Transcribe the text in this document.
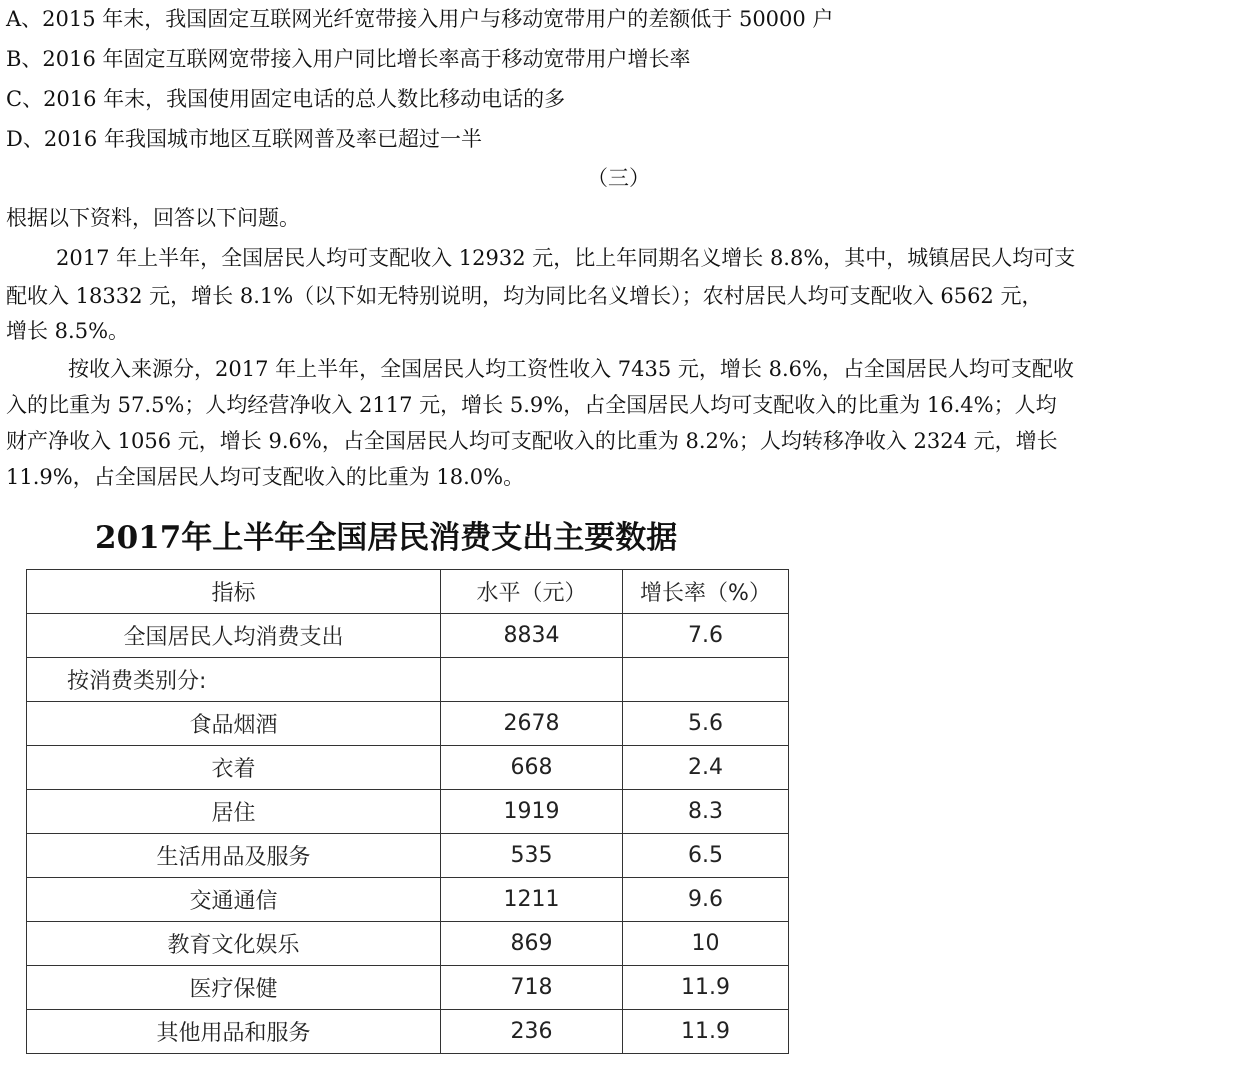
A、2015 年末，我国固定互联网光纤宽带接入用户与移动宽带用户的差额低于 50000 户
B、2016 年固定互联网宽带接入用户同比增长率高于移动宽带用户增长率
C、2016 年末，我国使用固定电话的总人数比移动电话的多
D、2016 年我国城市地区互联网普及率已超过一半
（三）
根据以下资料，回答以下问题。
2017 年上半年，全国居民人均可支配收入 12932 元，比上年同期名义增长 8.8%，其中，城镇居民人均可支
配收入 18332 元，增长 8.1%（以下如无特别说明，均为同比名义增长）；农村居民人均可支配收入 6562 元，
增长 8.5%。
按收入来源分，2017 年上半年，全国居民人均工资性收入 7435 元，增长 8.6%，占全国居民人均可支配收
入的比重为 57.5%；人均经营净收入 2117 元，增长 5.9%，占全国居民人均可支配收入的比重为 16.4%；人均
财产净收入 1056 元，增长 9.6%，占全国居民人均可支配收入的比重为 8.2%；人均转移净收入 2324 元，增长
11.9%，占全国居民人均可支配收入的比重为 18.0%。
2017年上半年全国居民消费支出主要数据
指标	水平（元）	增长率（%）
全国居民人均消费支出	8834	7.6
按消费类别分:		
食品烟酒	2678	5.6
衣着	668	2.4
居住	1919	8.3
生活用品及服务	535	6.5
交通通信	1211	9.6
教育文化娱乐	869	10
医疗保健	718	11.9
其他用品和服务	236	11.9
